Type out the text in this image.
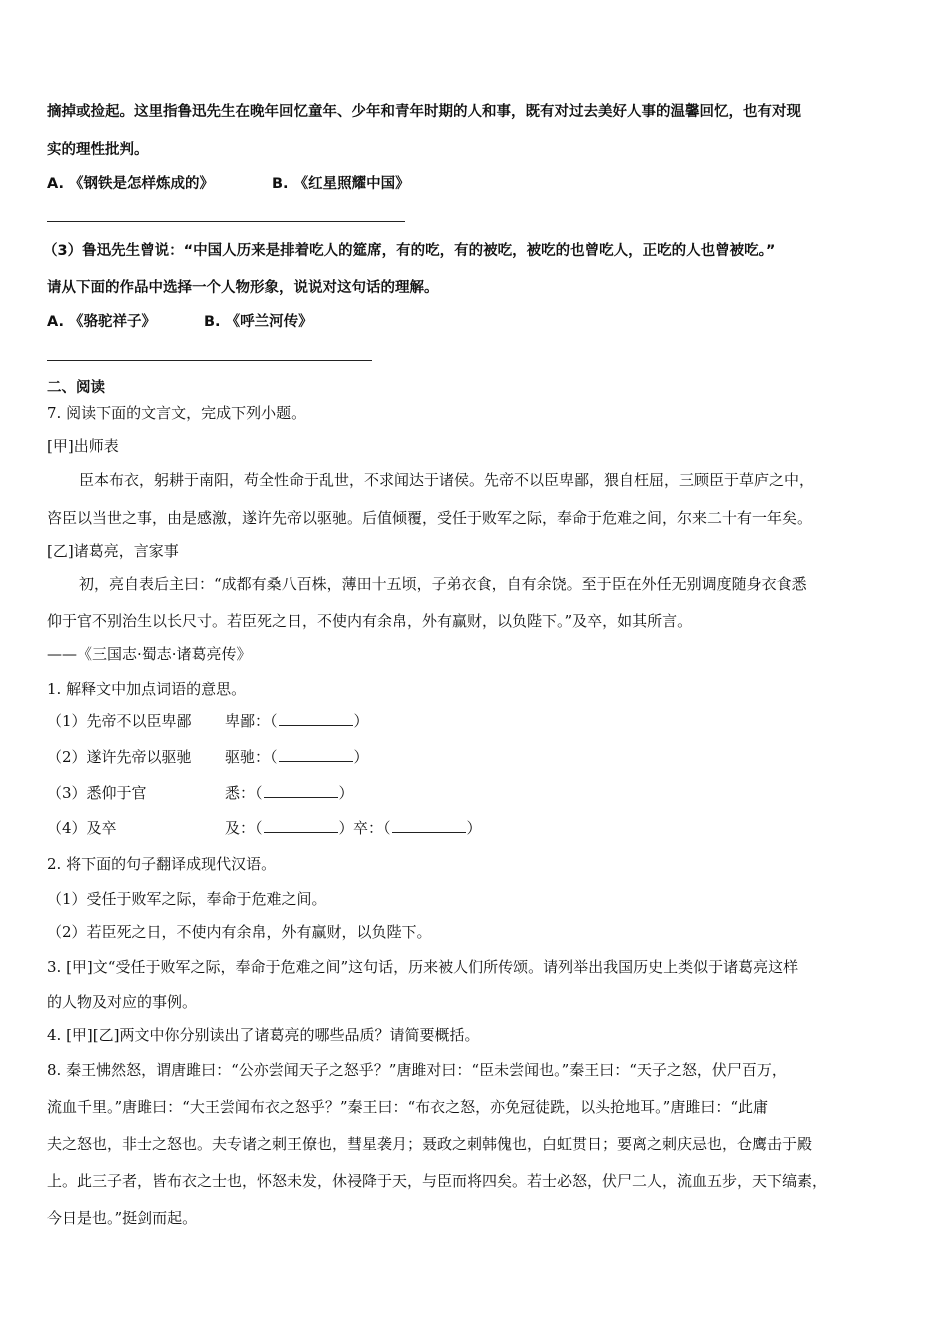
摘掉或捡起。这里指鲁迅先生在晚年回忆童年、少年和青年时期的人和事，既有对过去美好人事的温馨回忆，也有对现
实的理性批判。
A. 《钢铁是怎样炼成的》	B. 《红星照耀中国》
（3）鲁迅先生曾说：“中国人历来是排着吃人的筵席，有的吃，有的被吃，被吃的也曾吃人，正吃的人也曾被吃。”
请从下面的作品中选择一个人物形象，说说对这句话的理解。
A. 《骆驼祥子》	B. 《呼兰河传》
二、阅读
7. 阅读下面的文言文，完成下列小题。
[甲]出师表
臣本布衣，躬耕于南阳，苟全性命于乱世，不求闻达于诸侯。先帝不以臣卑鄙，猥自枉屈，三顾臣于草庐之中，
咨臣以当世之事，由是感激，遂许先帝以驱驰。后值倾覆，受任于败军之际，奉命于危难之间，尔来二十有一年矣。
[乙]诸葛亮，言家事
初，亮自表后主曰：“成都有桑八百株，薄田十五顷，子弟衣食，自有余饶。至于臣在外任无别调度随身衣食悉
仰于官不别治生以长尺寸。若臣死之日，不使内有余帛，外有赢财，以负陛下。”及卒，如其所言。
——《三国志·蜀志·诸葛亮传》
1. 解释文中加点词语的意思。
（1）先帝不以臣卑鄙 卑鄙：（	）
（2）遂许先帝以驱驰 驱驰：（	）
（3）悉仰于官	悉：（	）
（4）及卒	及：（	） 卒：（	）
2. 将下面的句子翻译成现代汉语。
（1）受任于败军之际，奉命于危难之间。
（2）若臣死之日，不使内有余帛，外有赢财，以负陛下。
3. [甲]文“受任于败军之际，奉命于危难之间”这句话，历来被人们所传颂。请列举出我国历史上类似于诸葛亮这样
的人物及对应的事例。
4. [甲][乙]两文中你分别读出了诸葛亮的哪些品质？请简要概括。
8. 秦王怫然怒，谓唐雎曰：“公亦尝闻天子之怒乎？”唐雎对曰：“臣未尝闻也。”秦王曰：“天子之怒，伏尸百万，
流血千里。”唐雎曰：“大王尝闻布衣之怒乎？”秦王曰：“布衣之怒，亦免冠徒跣，以头抢地耳。”唐雎曰：“此庸
夫之怒也，非士之怒也。夫专诸之刺王僚也，彗星袭月；聂政之刺韩傀也，白虹贯日；要离之刺庆忌也，仓鹰击于殿
上。此三子者，皆布衣之士也，怀怒未发，休祲降于天，与臣而将四矣。若士必怒，伏尸二人，流血五步，天下缟素，
今日是也。”挺剑而起。
